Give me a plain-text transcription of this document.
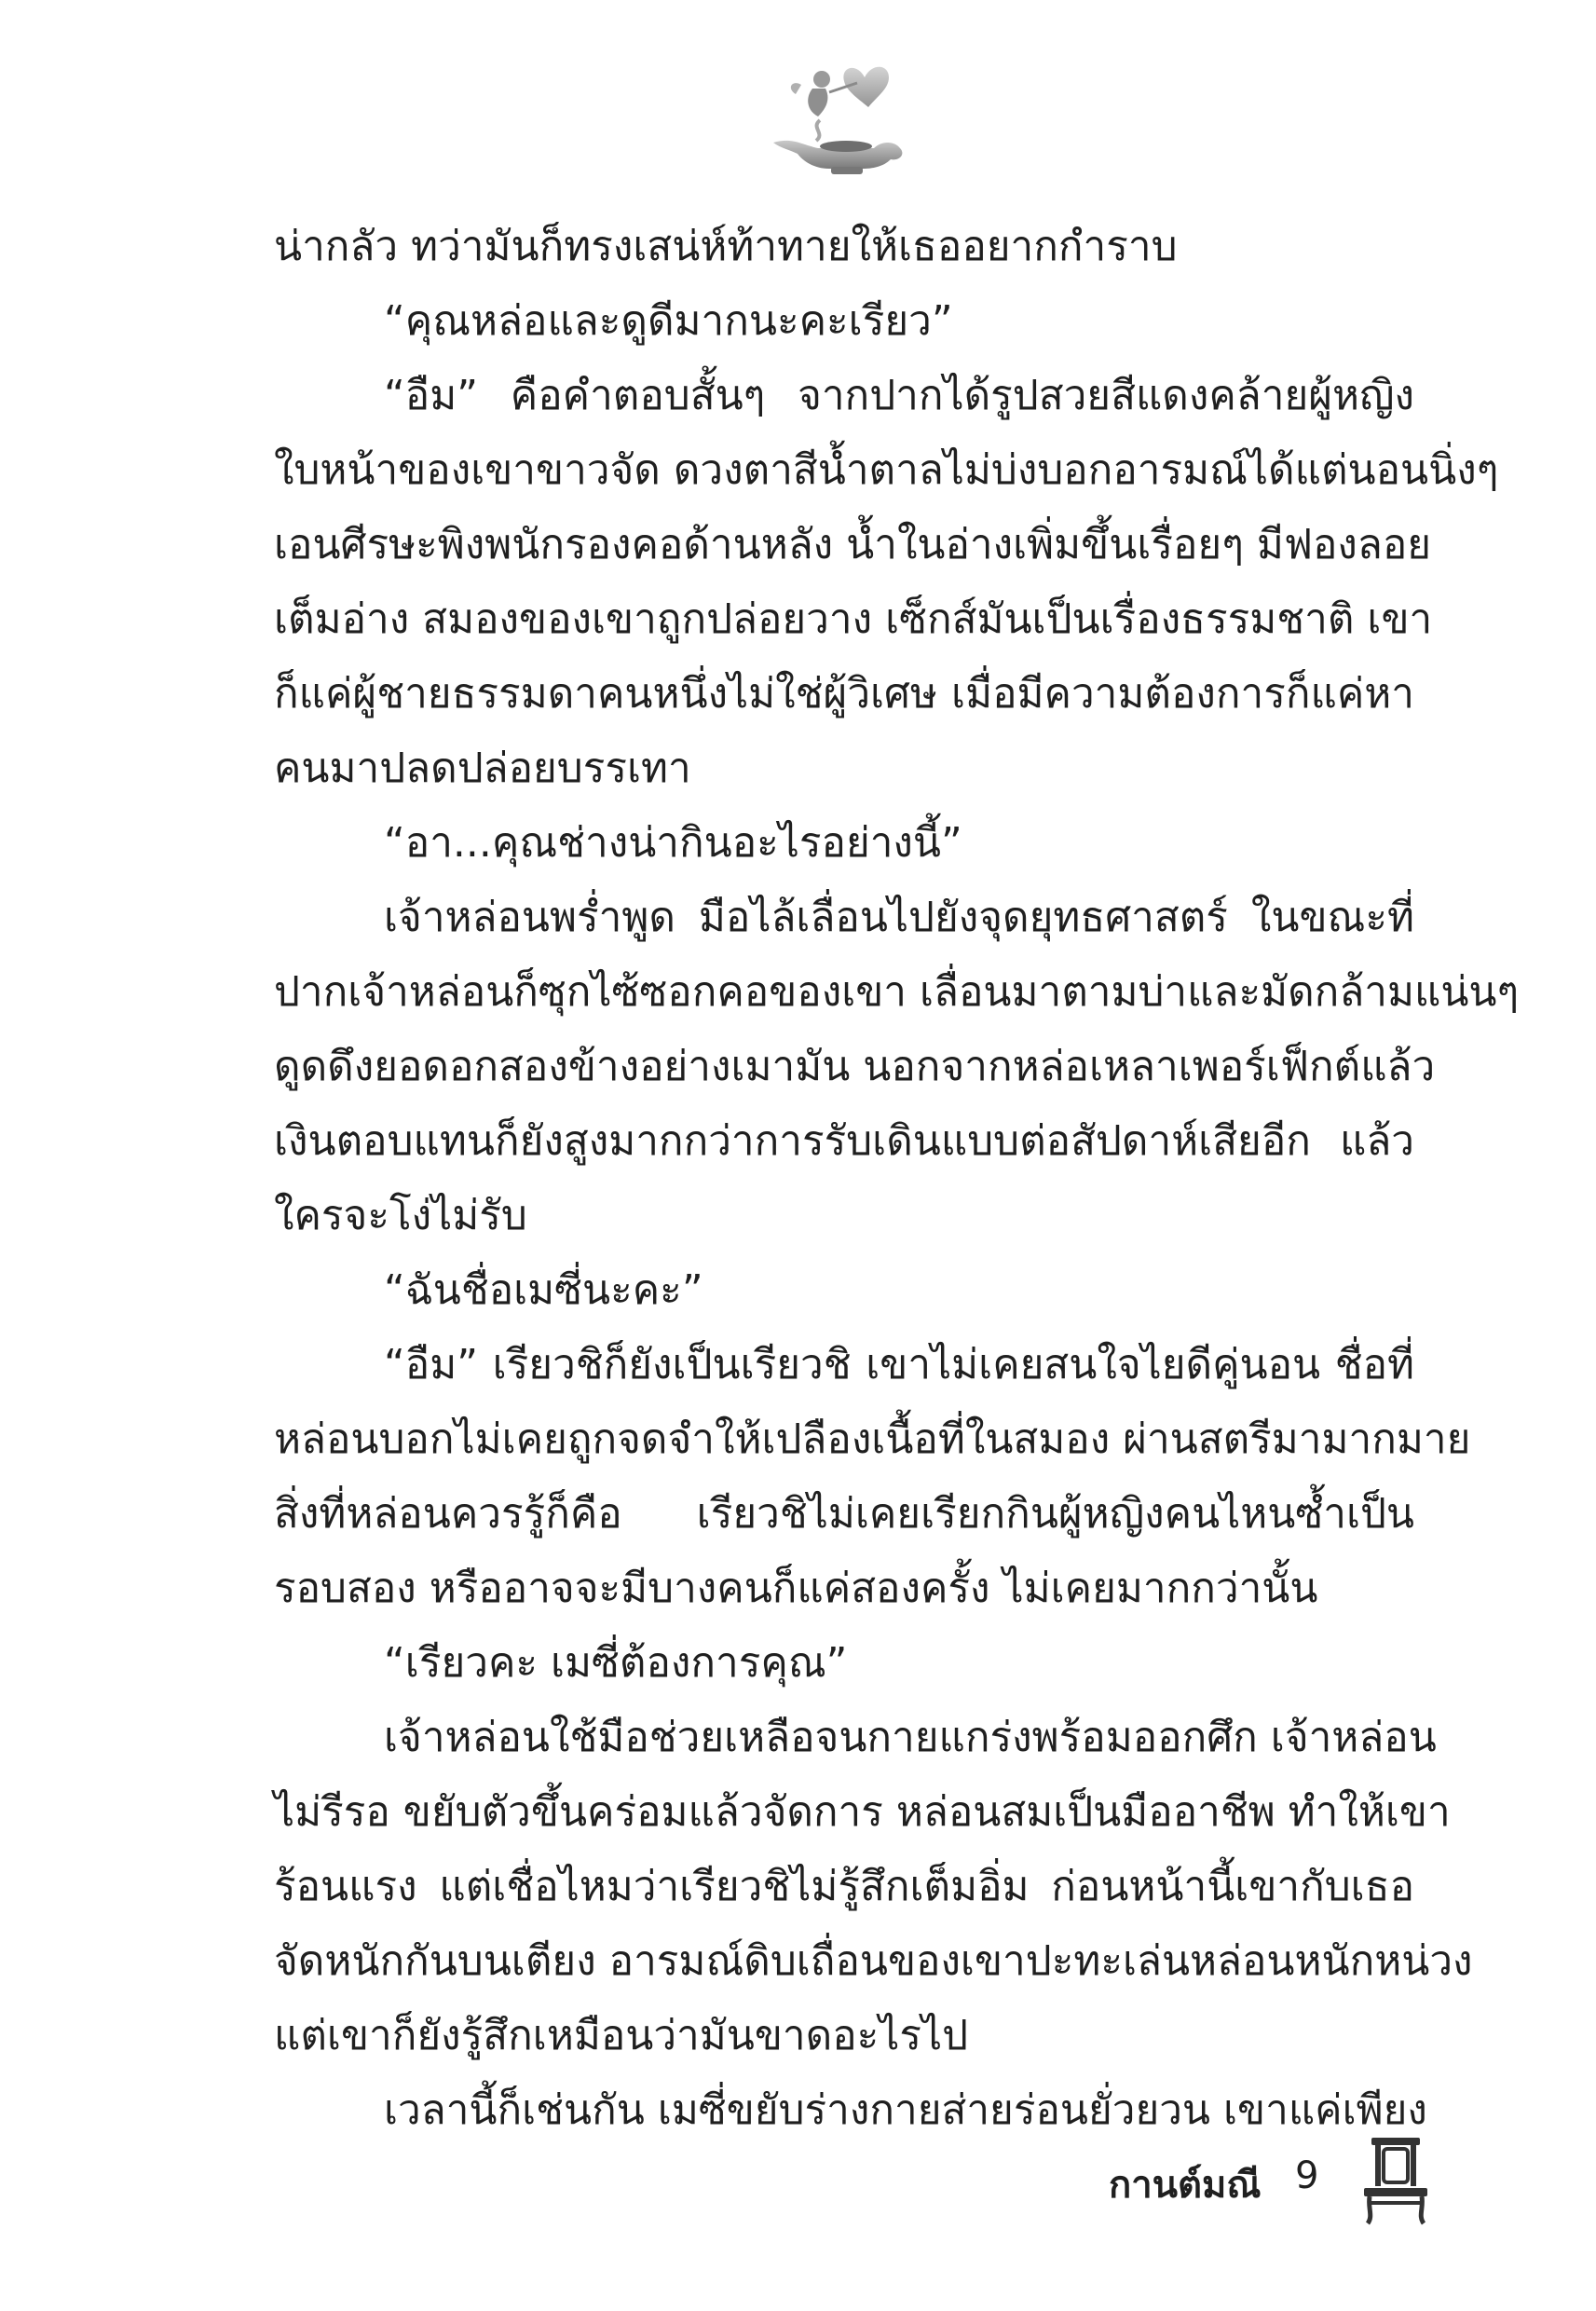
น่ากลัว ทว่ามันก็ทรงเสน่ห์ท้าทายให้เธออยากกำราบ

“คุณหล่อและดูดีมากนะคะเรียว”

“อืม” คือคำตอบสั้นๆ จากปากได้รูปสวยสีแดงคล้ายผู้หญิง

ใบหน้าของเขาขาวจัด ดวงตาสีน้ำตาลไม่บ่งบอกอารมณ์ได้แต่นอนนิ่งๆ

เอนศีรษะพิงพนักรองคอด้านหลัง น้ำในอ่างเพิ่มขึ้นเรื่อยๆ มีฟองลอย

เต็มอ่าง สมองของเขาถูกปล่อยวาง เซ็กส์มันเป็นเรื่องธรรมชาติ เขา

ก็แค่ผู้ชายธรรมดาคนหนึ่งไม่ใช่ผู้วิเศษ เมื่อมีความต้องการก็แค่หา

คนมาปลดปล่อยบรรเทา

“อา...คุณช่างน่ากินอะไรอย่างนี้”

เจ้าหล่อนพร่ำพูด มือไล้เลื่อนไปยังจุดยุทธศาสตร์ ในขณะที่

ปากเจ้าหล่อนก็ซุกไซ้ซอกคอของเขา เลื่อนมาตามบ่าและมัดกล้ามแน่นๆ

ดูดดึงยอดอกสองข้างอย่างเมามัน นอกจากหล่อเหลาเพอร์เฟ็กต์แล้ว

เงินตอบแทนก็ยังสูงมากกว่าการรับเดินแบบต่อสัปดาห์เสียอีก แล้ว

ใครจะโง่ไม่รับ

“ฉันชื่อเมซี่นะคะ”

“อืม” เรียวชิก็ยังเป็นเรียวชิ เขาไม่เคยสนใจไยดีคู่นอน ชื่อที่

หล่อนบอกไม่เคยถูกจดจำให้เปลืองเนื้อที่ในสมอง ผ่านสตรีมามากมาย

สิ่งที่หล่อนควรรู้ก็คือ เรียวชิไม่เคยเรียกกินผู้หญิงคนไหนซ้ำเป็น

รอบสอง หรืออาจจะมีบางคนก็แค่สองครั้ง ไม่เคยมากกว่านั้น

“เรียวคะ เมซี่ต้องการคุณ”

เจ้าหล่อนใช้มือช่วยเหลือจนกายแกร่งพร้อมออกศึก เจ้าหล่อน

ไม่รีรอ ขยับตัวขึ้นคร่อมแล้วจัดการ หล่อนสมเป็นมืออาชีพ ทำให้เขา

ร้อนแรง แต่เชื่อไหมว่าเรียวชิไม่รู้สึกเต็มอิ่ม ก่อนหน้านี้เขากับเธอ

จัดหนักกันบนเตียง อารมณ์ดิบเถื่อนของเขาปะทะเล่นหล่อนหนักหน่วง

แต่เขาก็ยังรู้สึกเหมือนว่ามันขาดอะไรไป

เวลานี้ก็เช่นกัน เมซี่ขยับร่างกายส่ายร่อนยั่วยวน เขาแค่เพียง

กานต์มณี 9
